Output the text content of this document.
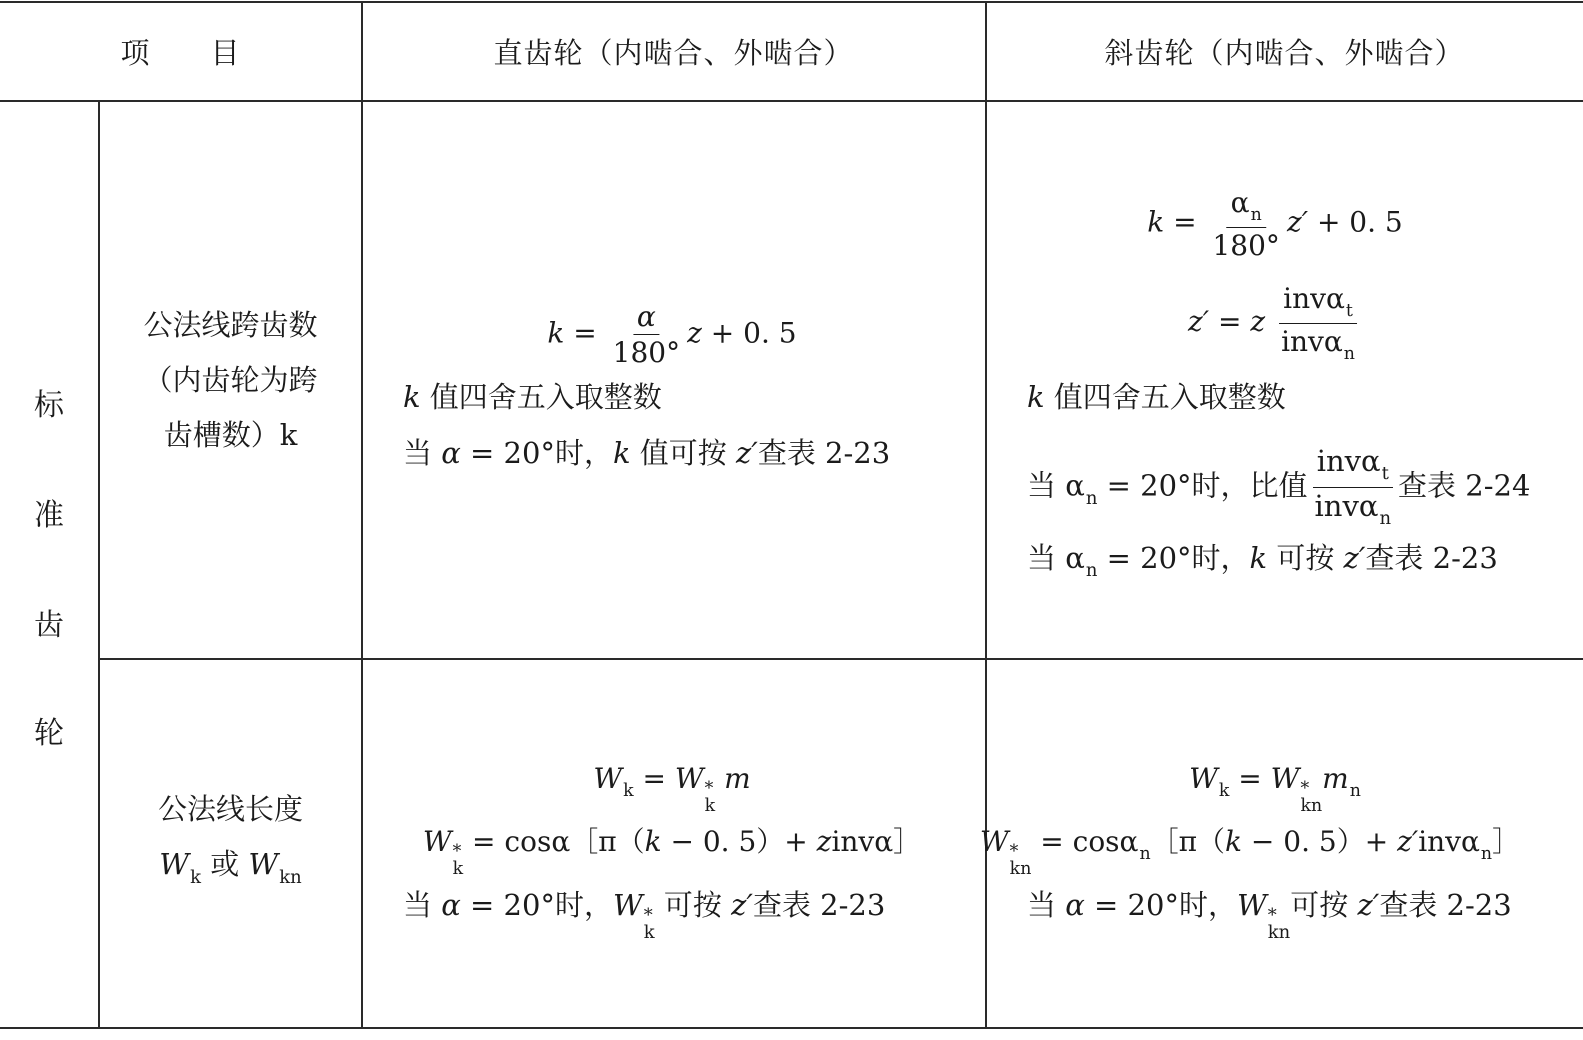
项　　目	直齿轮（内啮合、外啮合）	斜齿轮（内啮合、外啮合）
标
准
齿
轮
公法线跨齿数
（内齿轮为跨
齿槽数）k
$k = \frac{\alpha}{180^\circ}$ z + 0. 5
k 值四舍五入取整数
当 α = 20°时，k 值可按 z′查表 2-23
$k = \frac{\alpha_n}{180^\circ} z' + 0$. 5
z′ = z $\frac{inv\alpha_t}{inv\alpha_n}$
k 值四舍五入取整数
当 $\alpha_n = 20^\circ$时，比值 $\frac{inv\alpha_t}{inv\alpha_n}$ 查表 2-24
当 $\alpha_n = 20^\circ$时，k 可按 z′查表 2-23
公法线长度
$W_k$ 或 $W_{kn}$
$W_k = W$ *
k
m
W *
k
= cosα［π（k − 0. 5）+ zinvα］
当 α = 20°时，W *
k
可按 z′查表 2-23
$W_k = W$ *
kn
$m_n$
W *
kn
= cosα$_n$［π（k − 0. 5）+ z′invα$_n$］
当 α = 20°时，W *
kn
可按 z′查表 2-23
